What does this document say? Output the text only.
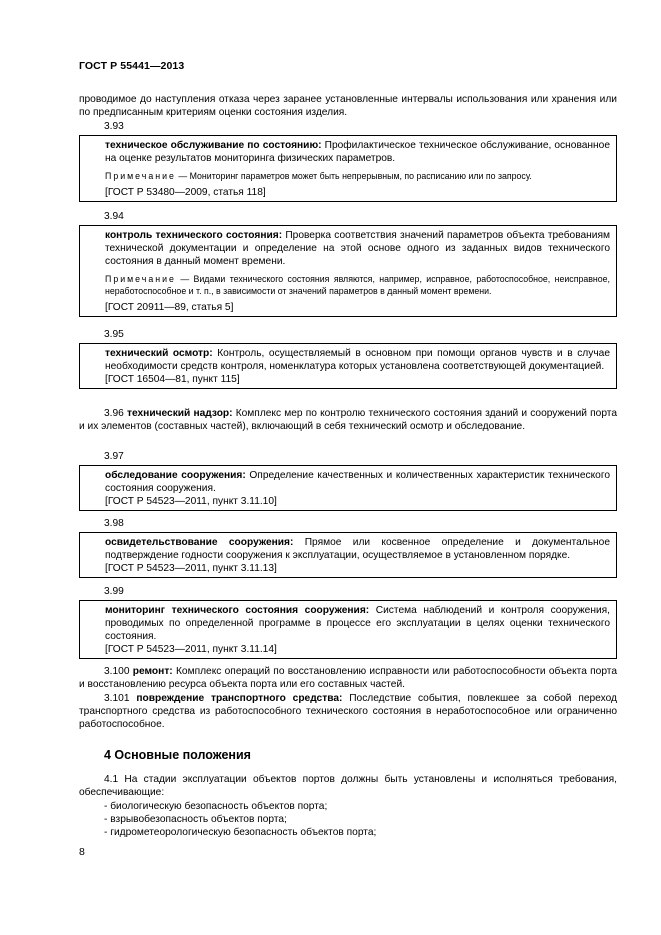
ГОСТ Р 55441—2013
проводимое до наступления отказа через заранее установленные интервалы использования или хранения или по предписанным критериям оценки состояния изделия.
3.93
техническое обслуживание по состоянию: Профилактическое техническое обслуживание, основанное на оценке результатов мониторинга физических параметров.
Примечание — Мониторинг параметров может быть непрерывным, по расписанию или по запросу.
[ГОСТ Р 53480—2009, статья 118]
3.94
контроль технического состояния: Проверка соответствия значений параметров объекта требованиям технической документации и определение на этой основе одного из заданных видов технического состояния в данный момент времени.
Примечание — Видами технического состояния являются, например, исправное, работоспособное, неисправное, неработоспособное и т. п., в зависимости от значений параметров в данный момент времени.
[ГОСТ 20911—89, статья 5]
3.95
технический осмотр: Контроль, осуществляемый в основном при помощи органов чувств и в случае необходимости средств контроля, номенклатура которых установлена соответствующей документацией.
[ГОСТ 16504—81, пункт 115]
3.96 технический надзор: Комплекс мер по контролю технического состояния зданий и сооружений порта и их элементов (составных частей), включающий в себя технический осмотр и обследование.
3.97
обследование сооружения: Определение качественных и количественных характеристик технического состояния сооружения.
[ГОСТ Р 54523—2011, пункт 3.11.10]
3.98
освидетельствование сооружения: Прямое или косвенное определение и документальное подтверждение годности сооружения к эксплуатации, осуществляемое в установленном порядке.
[ГОСТ Р 54523—2011, пункт 3.11.13]
3.99
мониторинг технического состояния сооружения: Система наблюдений и контроля сооружения, проводимых по определенной программе в процессе его эксплуатации в целях оценки технического состояния.
[ГОСТ Р 54523—2011, пункт 3.11.14]
3.100 ремонт: Комплекс операций по восстановлению исправности или работоспособности объекта порта и восстановлению ресурса объекта порта или его составных частей.
3.101 повреждение транспортного средства: Последствие события, повлекшее за собой переход транспортного средства из работоспособного технического состояния в неработоспособное или ограниченно работоспособное.
4 Основные положения
4.1 На стадии эксплуатации объектов портов должны быть установлены и исполняться требования, обеспечивающие:
- биологическую безопасность объектов порта;
- взрывобезопасность объектов порта;
- гидрометеорологическую безопасность объектов порта;
8
